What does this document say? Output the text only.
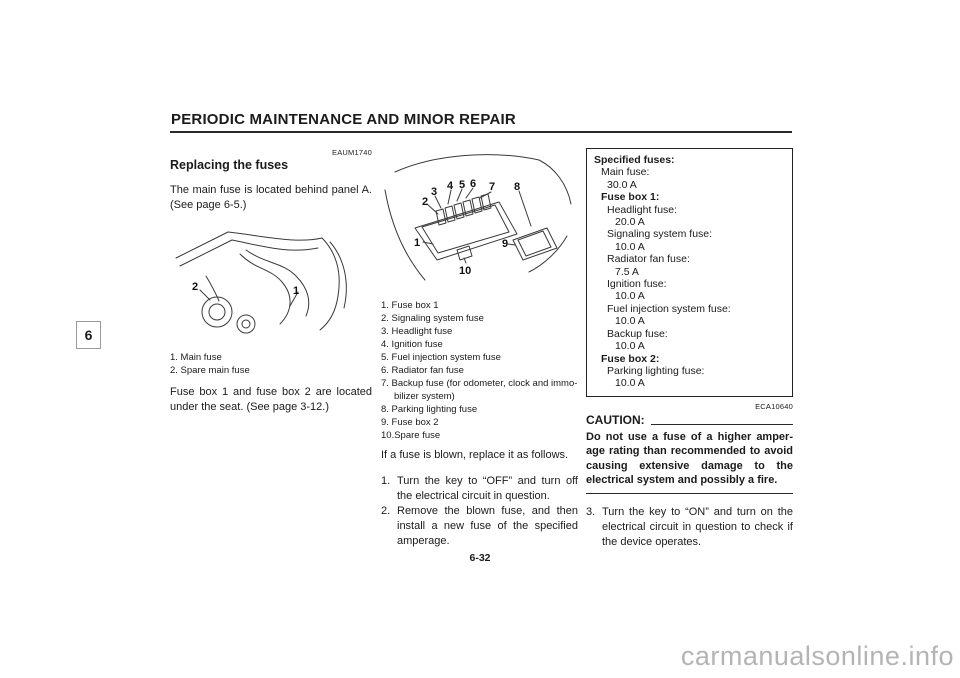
PERIODIC MAINTENANCE AND MINOR REPAIR
6
EAUM1740
Replacing the fuses

The main fuse is located behind panel A. (See page 6-5.)

2	1
1. Main fuse
2. Spare main fuse

Fuse box 1 and fuse box 2 are located under the seat. (See page 3-12.)

1
2
3 4 5 6 7 8
9
10
1. Fuse box 1
2. Signaling system fuse
3. Headlight fuse
4. Ignition fuse
5. Fuel injection system fuse
6. Radiator fan fuse
7. Backup fuse (for odometer, clock and immo-bilizer system)
8. Parking lighting fuse
9. Fuse box 2
10.Spare fuse

If a fuse is blown, replace it as follows.

1. Turn the key to “OFF” and turn off the electrical circuit in question.
2. Remove the blown fuse, and then install a new fuse of the specified amperage.
Specified fuses:
Main fuse:
30.0 A
Fuse box 1:
Headlight fuse:
20.0 A
Signaling system fuse:
10.0 A
Radiator fan fuse:
7.5 A
Ignition fuse:
10.0 A
Fuel injection system fuse:
10.0 A
Backup fuse:
10.0 A
Fuse box 2:
Parking lighting fuse:
10.0 A
ECA10640
CAUTION:

Do not use a fuse of a higher amper-age rating than recommended to avoid causing extensive damage to the electrical system and possibly a fire.

3. Turn the key to “ON” and turn on the electrical circuit in question to check if the device operates.
6-32
carmanualsonline.info
